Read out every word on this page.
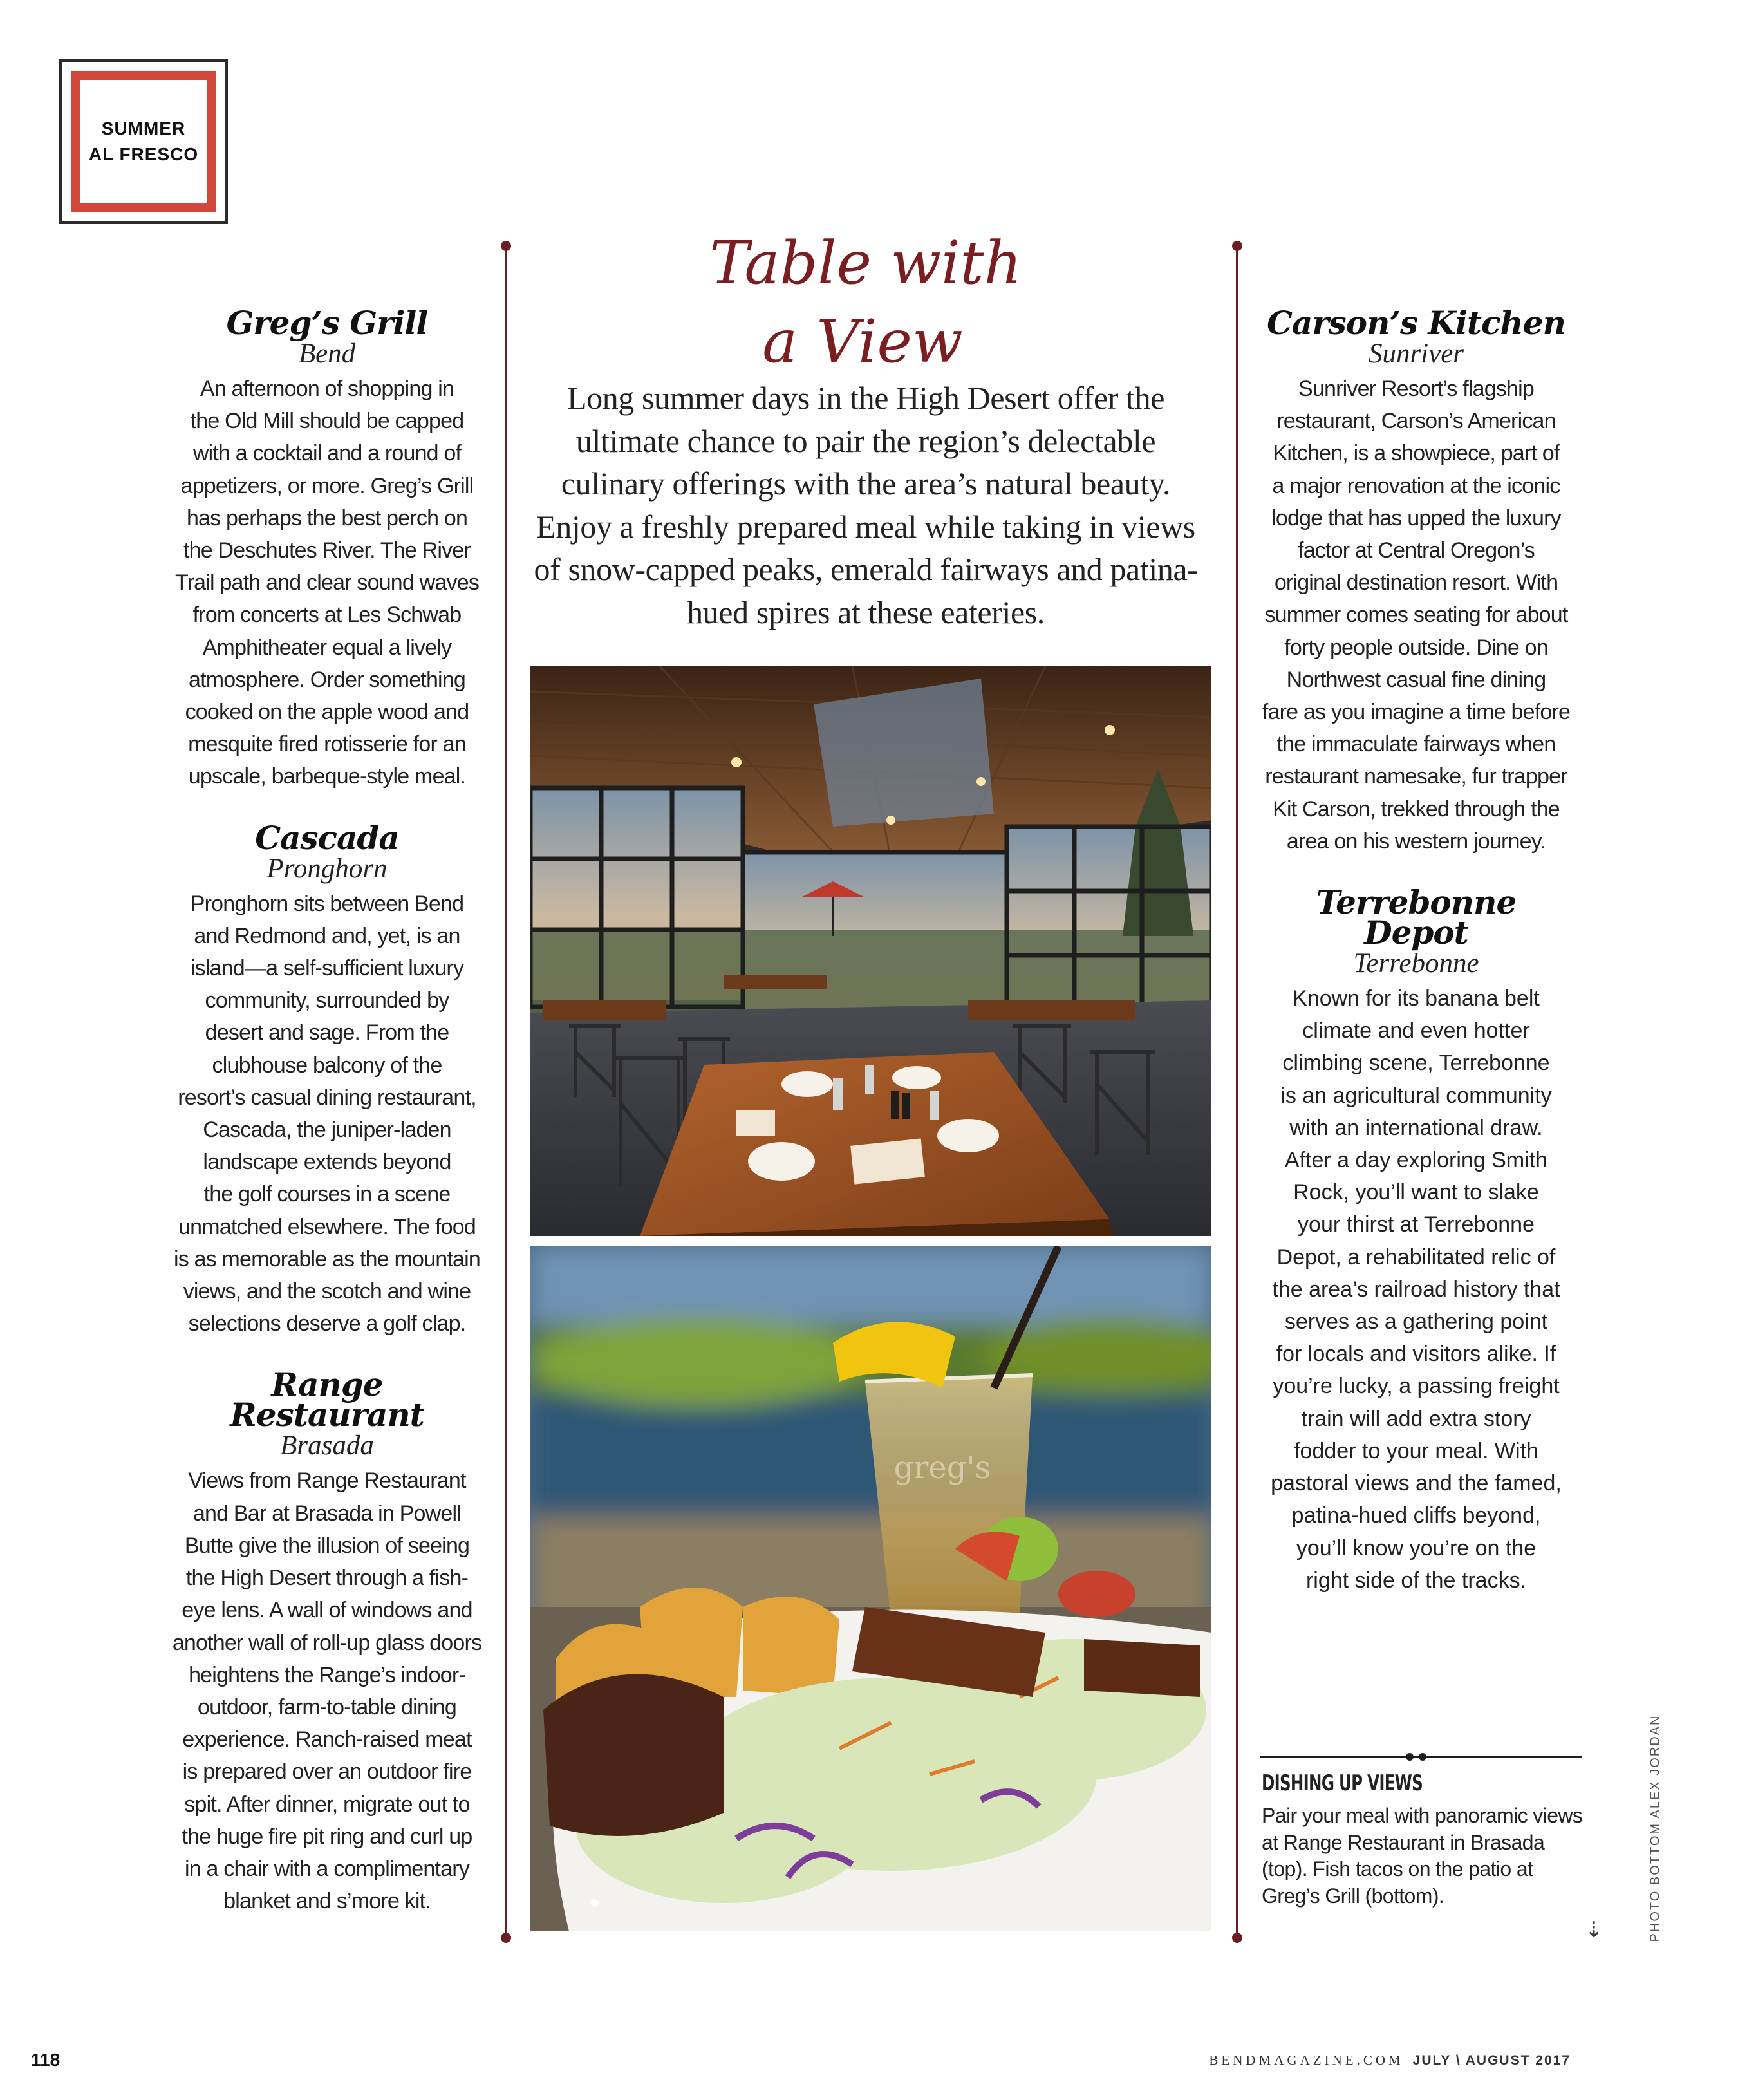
SUMMER
AL FRESCO
Greg’s Grill
Bend
An afternoon of shopping in
the Old Mill should be capped
with a cocktail and a round of
appetizers, or more. Greg’s Grill
has perhaps the best perch on
the Deschutes River. The River
Trail path and clear sound waves
from concerts at Les Schwab
Amphitheater equal a lively
atmosphere. Order something
cooked on the apple wood and
mesquite fired rotisserie for an
upscale, barbeque-style meal.
Cascada
Pronghorn
Pronghorn sits between Bend
and Redmond and, yet, is an
island—a self-sufficient luxury
community, surrounded by
desert and sage. From the
clubhouse balcony of the
resort’s casual dining restaurant,
Cascada, the juniper-laden
landscape extends beyond
the golf courses in a scene
unmatched elsewhere. The food
is as memorable as the mountain
views, and the scotch and wine
selections deserve a golf clap.
Range
Restaurant
Brasada
Views from Range Restaurant
and Bar at Brasada in Powell
Butte give the illusion of seeing
the High Desert through a fish-
eye lens. A wall of windows and
another wall of roll-up glass doors
heightens the Range’s indoor-
outdoor, farm-to-table dining
experience. Ranch-raised meat
is prepared over an outdoor fire
spit. After dinner, migrate out to
the huge fire pit ring and curl up
in a chair with a complimentary
blanket and s’more kit.
Carson’s Kitchen
Sunriver
Sunriver Resort’s flagship
restaurant, Carson’s American
Kitchen, is a showpiece, part of
a major renovation at the iconic
lodge that has upped the luxury
factor at Central Oregon’s
original destination resort. With
summer comes seating for about
forty people outside. Dine on
Northwest casual fine dining
fare as you imagine a time before
the immaculate fairways when
restaurant namesake, fur trapper
Kit Carson, trekked through the
area on his western journey.
Terrebonne
Depot
Terrebonne
Known for its banana belt
climate and even hotter
climbing scene, Terrebonne
is an agricultural community
with an international draw.
After a day exploring Smith
Rock, you’ll want to slake
your thirst at Terrebonne
Depot, a rehabilitated relic of
the area’s railroad history that
serves as a gathering point
for locals and visitors alike. If
you’re lucky, a passing freight
train will add extra story
fodder to your meal. With
pastoral views and the famed,
patina-hued cliffs beyond,
you’ll know you’re on the
right side of the tracks.
Table with
a View
Long summer days in the High Desert offer the
ultimate chance to pair the region’s delectable
culinary offerings with the area’s natural beauty.
Enjoy a freshly prepared meal while taking in views
of snow-capped peaks, emerald fairways and patina-
hued spires at these eateries.
greg's
DISHING UP VIEWS
Pair your meal with panoramic views
at Range Restaurant in Brasada
(top). Fish tacos on the patio at
Greg’s Grill (bottom).	PHOTO BOTTOM ALEX JORDAN
⇣
118	BENDMAGAZINE.COM JULY \ AUGUST 2017
